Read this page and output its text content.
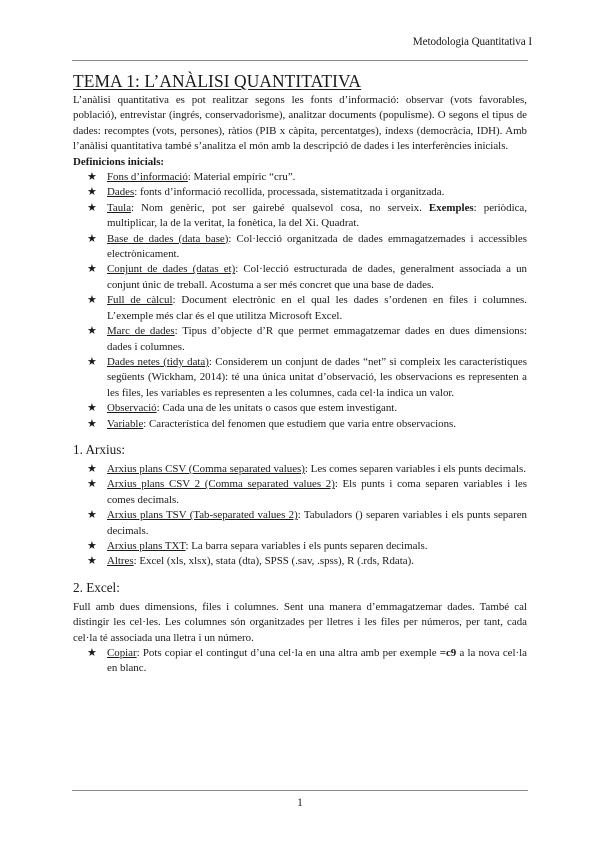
Metodologia Quantitativa I
TEMA 1: L’ANÀLISI QUANTITATIVA

L’anàlisi quantitativa es pot realitzar segons les fonts d’informació: observar (vots favorables, població), entrevistar (ingrés, conservadorisme), analitzar documents (populisme). O segons el tipus de dades: recomptes (vots, persones), ràtios (PIB x càpita, percentatges), índexs (democràcia, IDH). Amb l’anàlisi quantitativa també s’analitza el món amb la descripció de dades i les interferències inicials.

Definicions inicials:
★ Fons d’informació: Material empíric “cru”.
★ Dades: fonts d’informació recollida, processada, sistematitzada i organitzada.
★ Taula: Nom genèric, pot ser gairebé qualsevol cosa, no serveix. Exemples: periòdica, multiplicar, la de la veritat, la fonètica, la del Xi. Quadrat.
★ Base de dades (data base): Col·lecció organitzada de dades emmagatzemades i accessibles electrònicament.
★ Conjunt de dades (datas et): Col·lecció estructurada de dades, generalment associada a un conjunt únic de treball. Acostuma a ser més concret que una base de dades.
★ Full de càlcul: Document electrònic en el qual les dades s’ordenen en files i columnes. L’exemple més clar és el que utilitza Microsoft Excel.
★ Marc de dades: Tipus d’objecte d’R que permet emmagatzemar dades en dues dimensions: dades i columnes.
★ Dades netes (tidy data): Considerem un conjunt de dades “net” si compleix les característiques següents (Wickham, 2014): té una única unitat d’observació, les observacions es representen a les files, les variables es representen a les columnes, cada cel·la indica un valor.
★ Observació: Cada una de les unitats o casos que estem investigant.
★ Variable: Característica del fenomen que estudiem que varia entre observacions.
1. Arxius:
★ Arxius plans CSV (Comma separated values): Les comes separen variables i els punts decimals.
★ Arxius plans CSV 2 (Comma separated values 2): Els punts i coma separen variables i les comes decimals.
★ Arxius plans TSV (Tab-separated values 2): Tabuladors () separen variables i els punts separen decimals.
★ Arxius plans TXT: La barra separa variables i els punts separen decimals.
★ Altres: Excel (xls, xlsx), stata (dta), SPSS (.sav, .spss), R (.rds, Rdata).
2. Excel:

Full amb dues dimensions, files i columnes. Sent una manera d’emmagatzemar dades. També cal distingir les cel·les. Les columnes són organitzades per lletres i les files per números, per tant, cada cel·la té associada una lletra i un número.

★ Copiar: Pots copiar el contingut d’una cel·la en una altra amb per exemple =c9 a la nova cel·la en blanc.
1
